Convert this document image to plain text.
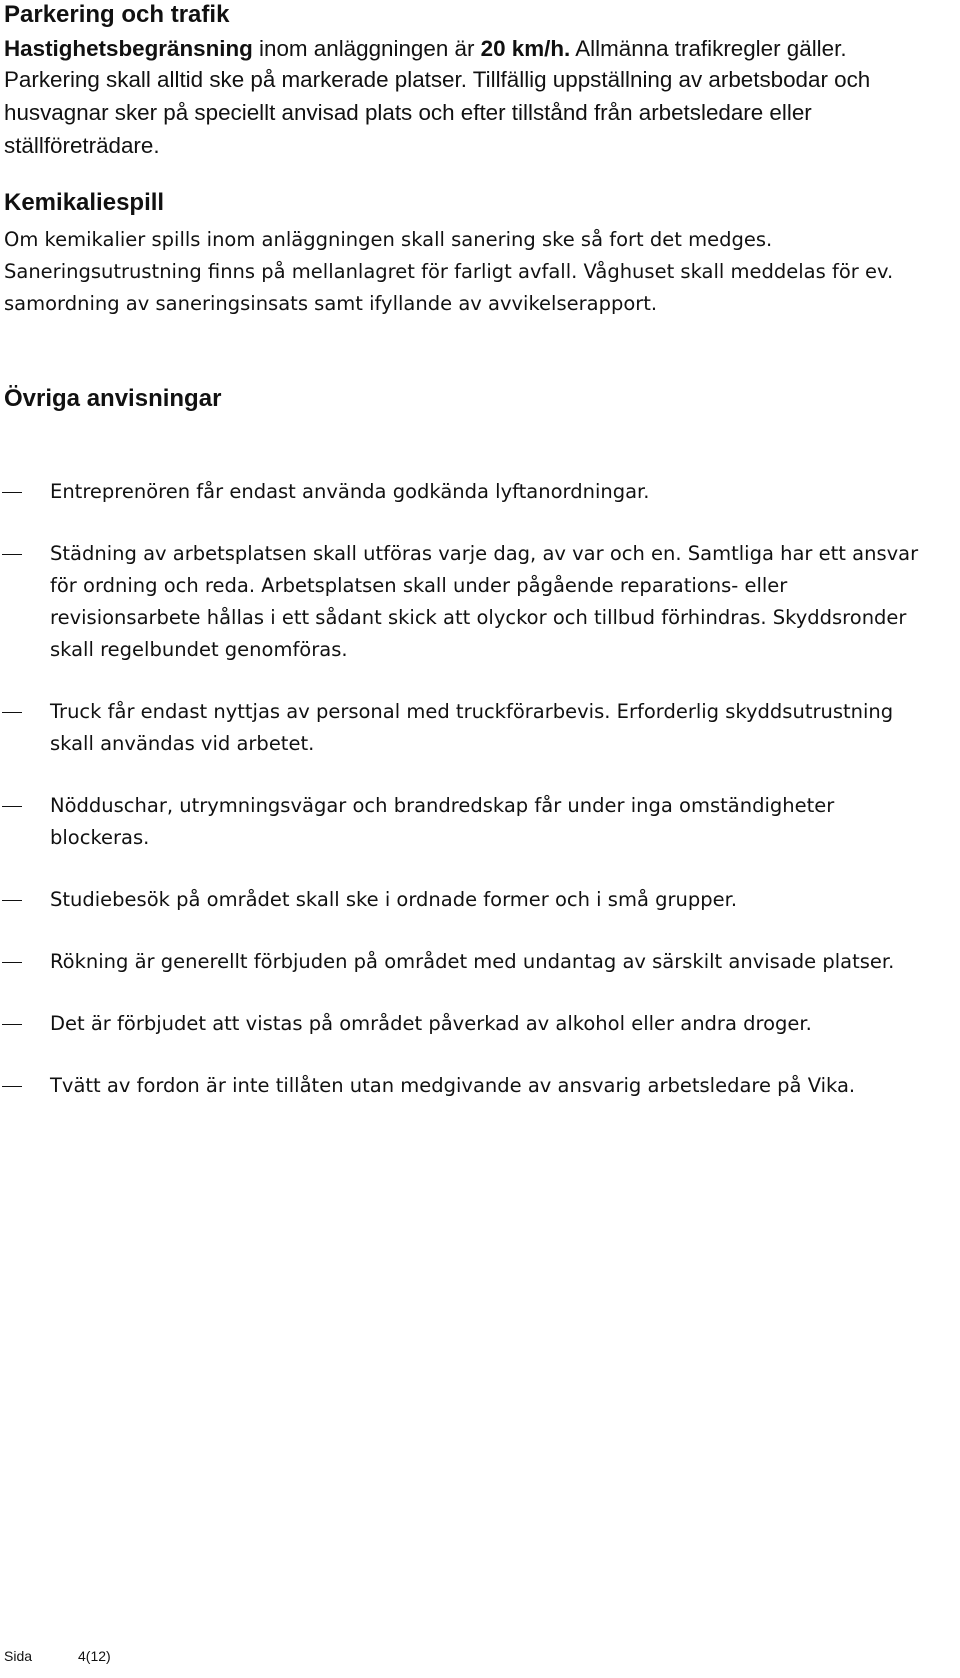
Parkering och trafik

Hastighetsbegränsning inom anläggningen är 20 km/h. Allmänna trafikregler gäller.

Parkering skall alltid ske på markerade platser. Tillfällig uppställning av arbetsbodar och husvagnar sker på speciellt anvisad plats och efter tillstånd från arbetsledare eller ställföreträdare.

Kemikaliespill

Om kemikalier spills inom anläggningen skall sanering ske så fort det medges. Saneringsutrustning finns på mellanlagret för farligt avfall. Våghuset skall meddelas för ev. samordning av saneringsinsats samt ifyllande av avvikelserapport.

Övriga anvisningar
Entreprenören får endast använda godkända lyftanordningar.
Städning av arbetsplatsen skall utföras varje dag, av var och en. Samtliga har ett ansvar för ordning och reda. Arbetsplatsen skall under pågående reparations- eller revisionsarbete hållas i ett sådant skick att olyckor och tillbud förhindras. Skyddsronder skall regelbundet genomföras.
Truck får endast nyttjas av personal med truckförarbevis. Erforderlig skyddsutrustning skall användas vid arbetet.
Nödduschar, utrymningsvägar och brandredskap får under inga omständigheter blockeras.
Studiebesök på området skall ske i ordnade former och i små grupper.
Rökning är generellt förbjuden på området med undantag av särskilt anvisade platser.
Det är förbjudet att vistas på området påverkad av alkohol eller andra droger.
Tvätt av fordon är inte tillåten utan medgivande av ansvarig arbetsledare på Vika.
Sida	4(12)
